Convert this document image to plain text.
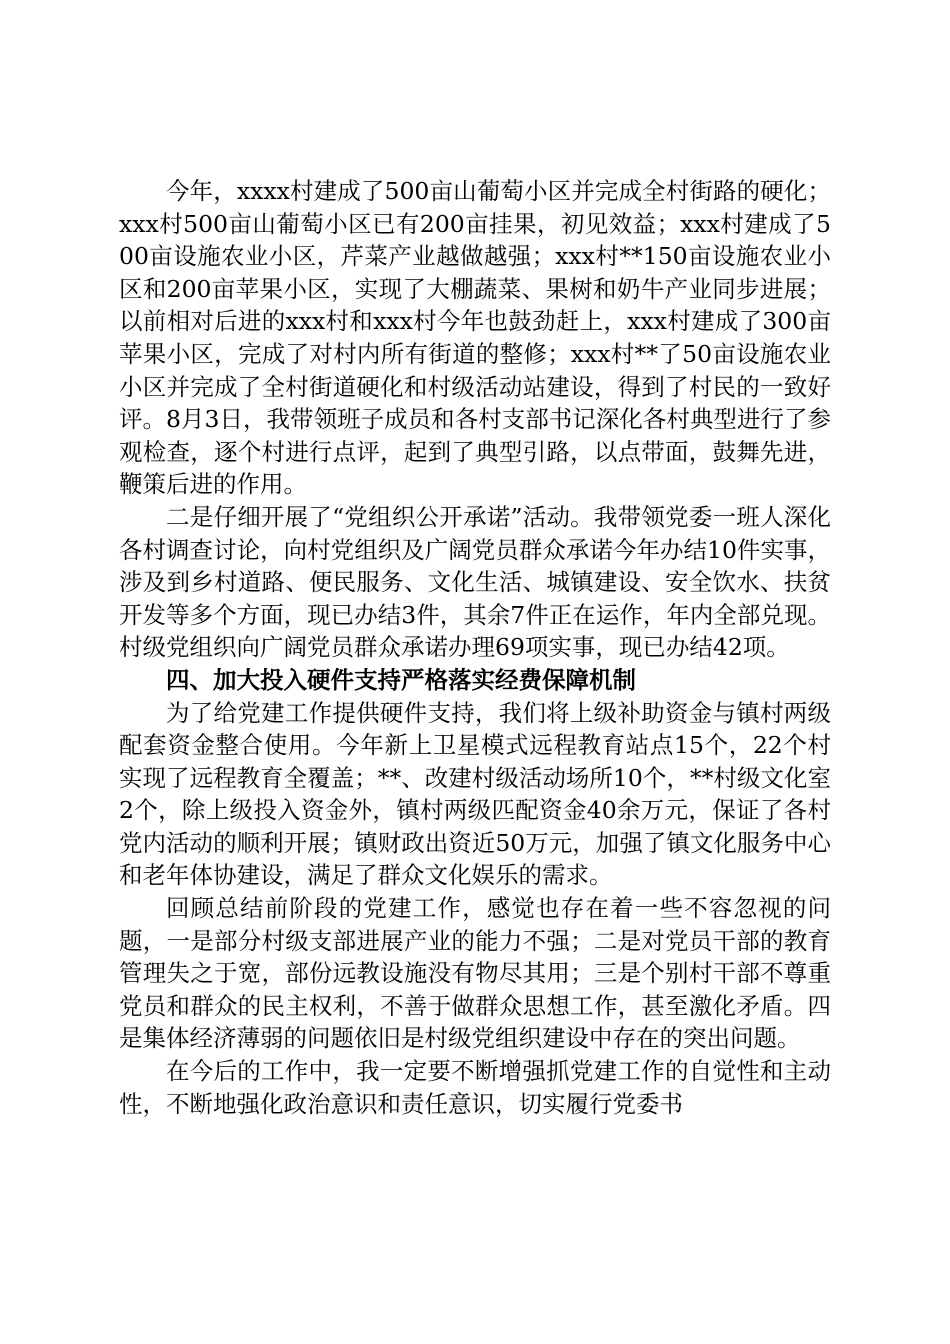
今年，xxxx村建成了500亩山葡萄小区并完成全村街路的硬化；xxx村500亩山葡萄小区已有200亩挂果，初见效益；xxx村建成了500亩设施农业小区，芹菜产业越做越强；xxx村**150亩设施农业小区和200亩苹果小区，实现了大棚蔬菜、果树和奶牛产业同步进展；以前相对后进的xxx村和xxx村今年也鼓劲赶上，xxx村建成了300亩苹果小区，完成了对村内所有街道的整修；xxx村**了50亩设施农业小区并完成了全村街道硬化和村级活动站建设，得到了村民的一致好评。8月3日，我带领班子成员和各村支部书记深化各村典型进行了参观检查，逐个村进行点评，起到了典型引路，以点带面，鼓舞先进，鞭策后进的作用。

二是仔细开展了“党组织公开承诺”活动。我带领党委一班人深化各村调查讨论，向村党组织及广阔党员群众承诺今年办结10件实事，涉及到乡村道路、便民服务、文化生活、城镇建设、安全饮水、扶贫开发等多个方面，现已办结3件，其余7件正在运作，年内全部兑现。村级党组织向广阔党员群众承诺办理69项实事，现已办结42项。

四、加大投入硬件支持严格落实经费保障机制

为了给党建工作提供硬件支持，我们将上级补助资金与镇村两级配套资金整合使用。今年新上卫星模式远程教育站点15个，22个村实现了远程教育全覆盖；**、改建村级活动场所10个，**村级文化室2个，除上级投入资金外，镇村两级匹配资金40余万元，保证了各村党内活动的顺利开展；镇财政出资近50万元，加强了镇文化服务中心和老年体协建设，满足了群众文化娱乐的需求。

回顾总结前阶段的党建工作，感觉也存在着一些不容忽视的问题，一是部分村级支部进展产业的能力不强；二是对党员干部的教育管理失之于宽，部份远教设施没有物尽其用；三是个别村干部不尊重党员和群众的民主权利，不善于做群众思想工作，甚至激化矛盾。四是集体经济薄弱的问题依旧是村级党组织建设中存在的突出问题。

在今后的工作中，我一定要不断增强抓党建工作的自觉性和主动性，不断地强化政治意识和责任意识，切实履行党委书
